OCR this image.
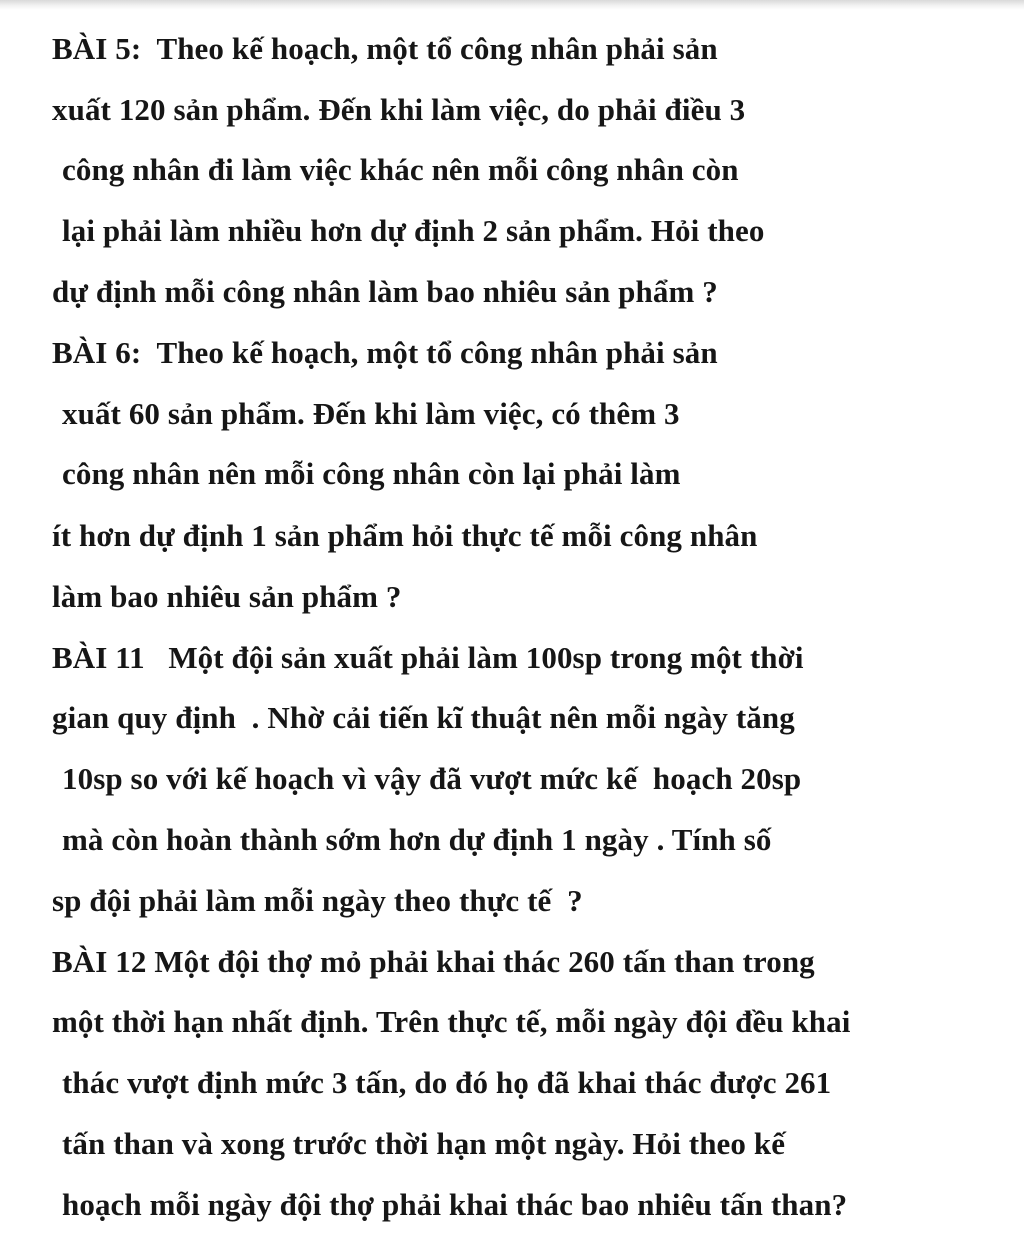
BÀI 5:  Theo kế hoạch, một tổ công nhân phải sản
xuất 120 sản phẩm. Đến khi làm việc, do phải điều 3
công nhân đi làm việc khác nên mỗi công nhân còn
lại phải làm nhiều hơn dự định 2 sản phẩm. Hỏi theo
dự định mỗi công nhân làm bao nhiêu sản phẩm ?
BÀI 6:  Theo kế hoạch, một tổ công nhân phải sản
xuất 60 sản phẩm. Đến khi làm việc, có thêm 3
công nhân nên mỗi công nhân còn lại phải làm
ít hơn dự định 1 sản phẩm hỏi thực tế mỗi công nhân
làm bao nhiêu sản phẩm ?
BÀI 11   Một đội sản xuất phải làm 100sp trong một thời
gian quy định  . Nhờ cải tiến kĩ thuật nên mỗi ngày tăng
10sp so với kế hoạch vì vậy đã vượt mức kế  hoạch 20sp
mà còn hoàn thành sớm hơn dự định 1 ngày . Tính số
sp đội phải làm mỗi ngày theo thực tế  ?
BÀI 12 Một đội thợ mỏ phải khai thác 260 tấn than trong
một thời hạn nhất định. Trên thực tế, mỗi ngày đội đều khai
thác vượt định mức 3 tấn, do đó họ đã khai thác được 261
tấn than và xong trước thời hạn một ngày. Hỏi theo kế
hoạch mỗi ngày đội thợ phải khai thác bao nhiêu tấn than?
